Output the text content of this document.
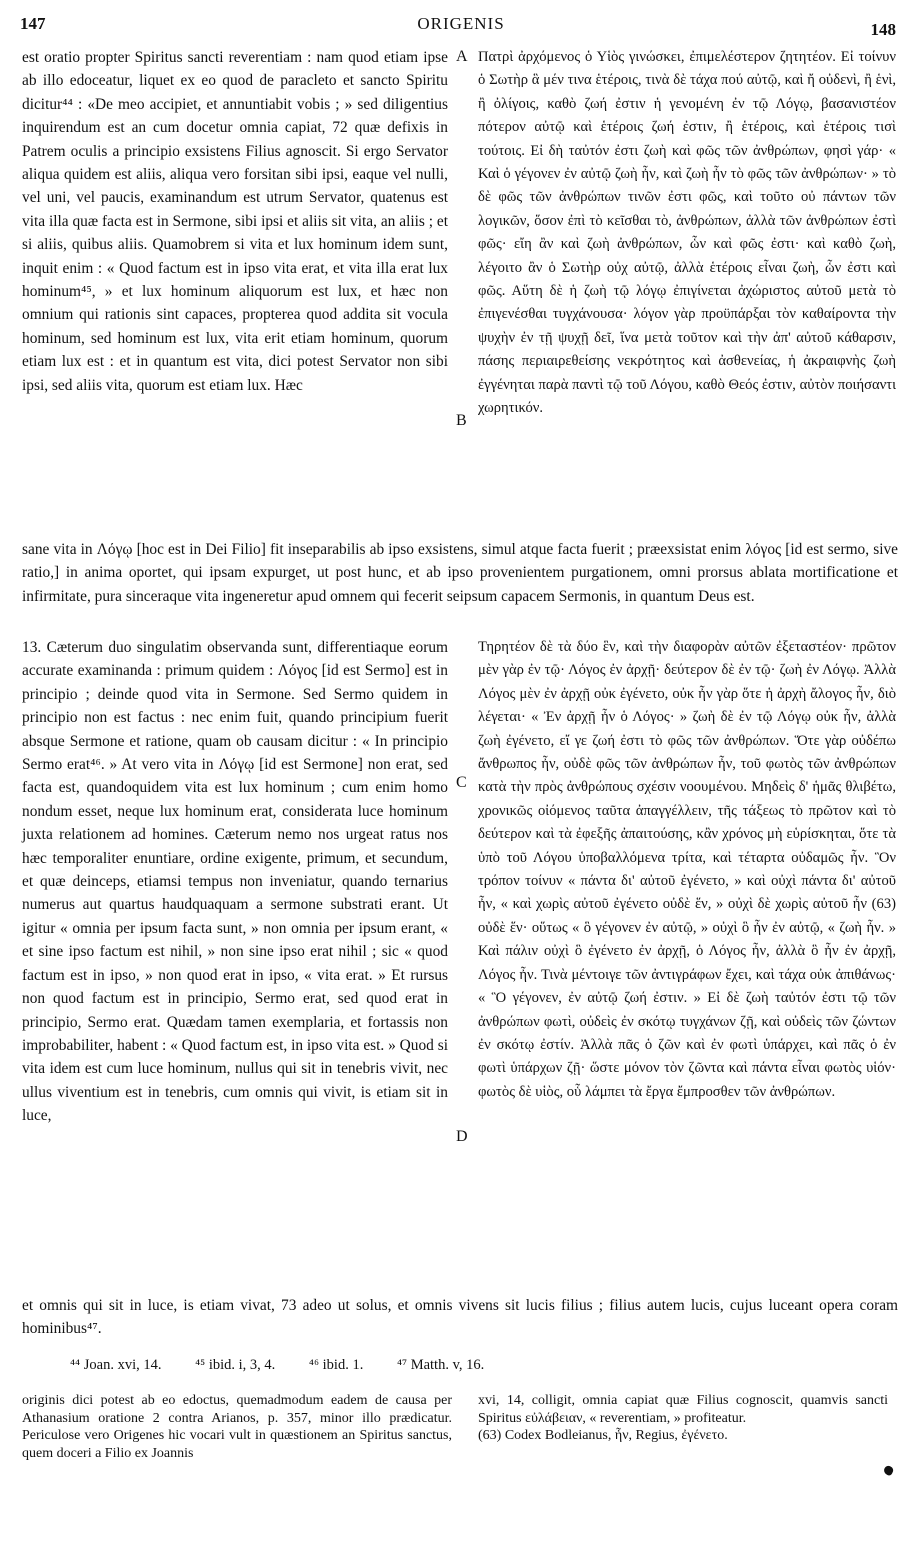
147	ORIGENIS	148

est oratio propter Spiritus sancti reverentiam : nam quod etiam ipse ab illo edoceatur, liquet ex eo quod de paracleto et sancto Spiritu dicitur⁴⁴ : «De meo accipiet, et annuntiabit vobis ; » sed diligentius inquirendum est an cum docetur omnia capiat, 72 quæ defixis in Patrem oculis a principio exsistens Filius agnoscit. Si ergo Servator aliqua quidem est aliis, aliqua vero forsitan sibi ipsi, eaque vel nulli, vel uni, vel paucis, examinandum est utrum Servator, quatenus est vita illa quæ facta est in Sermone, sibi ipsi et aliis sit vita, an aliis ; et si aliis, quibus aliis. Quamobrem si vita et lux hominum idem sunt, inquit enim : « Quod factum est in ipso vita erat, et vita illa erat lux hominum⁴⁵, » et lux hominum aliquorum est lux, et hæc non omnium qui rationis sint capaces, propterea quod addita sit vocula hominum, sed hominum est lux, vita erit etiam hominum, quorum etiam lux est : et in quantum est vita, dici potest Servator non sibi ipsi, sed aliis vita, quorum est etiam lux. Hæc

A Πατρὶ ἀρχόμενος ὁ Υἱὸς γινώσκει, ἐπιμελέστερον ζητητέον. Εἰ τοίνυν ὁ Σωτὴρ ἃ μέν τινα ἑτέροις, τινὰ δὲ τάχα πού αὐτῷ, καὶ ἤ οὐδενὶ, ἢ ἑνὶ, ἢ ὀλίγοις, καθὸ ζωή ἐστιν ἡ γενομένη ἐν τῷ Λόγῳ, βασανιστέον πότερον αὐτῷ καὶ ἑτέροις ζωή ἐστιν, ἢ ἑτέροις, καὶ ἑτέροις τισὶ τούτοις. Εἰ δὴ ταὐτόν ἐστι ζωὴ καὶ φῶς τῶν ἀνθρώπων, φησὶ γάρ· « Καὶ ὁ γέγονεν ἐν αὐτῷ ζωὴ ἦν, καὶ ζωὴ ἦν τὸ φῶς τῶν ἀνθρώπων· » τὸ δὲ φῶς τῶν ἀνθρώπων τινῶν ἐστι φῶς, καὶ τοῦτο οὐ πάντων τῶν λογικῶν, ὅσον ἐπὶ τὸ κεῖσθαι τὸ, ἀνθρώπων, ἀλλὰ τῶν ἀνθρώπων ἐστὶ φῶς· εἴη ἂν καὶ ζωὴ ἀνθρώπων, ὧν καὶ φῶς ἐστι· καὶ καθὸ ζωὴ, λέγοιτο ἂν ὁ Σωτὴρ οὐχ αὐτῷ, ἀλλὰ ἑτέροις εἶναι ζωὴ, ὧν ἐστι καὶ φῶς. Αὕτη δὲ ἡ ζωὴ τῷ λόγῳ ἐπιγίνεται ἀχώριστος αὐτοῦ μετὰ τὸ ἐπιγενέσθαι τυγχάνουσα· λόγον γὰρ προϋπάρξαι τὸν καθαίροντα τὴν ψυχὴν ἐν τῇ ψυχῇ δεῖ, ἵνα μετὰ τοῦτον καὶ τὴν ἀπ' αὐτοῦ κάθαρσιν, πάσης περιαιρεθείσης νεκρότητος καὶ ἀσθενείας, ἡ ἀκραιφνὴς ζωὴ ἐγγένηται παρὰ παντὶ τῷ τοῦ Λόγου, καθὸ Θεός ἐστιν, αὐτὸν ποιήσαντι χωρητικόν.

B

sane vita in Λόγῳ [hoc est in Dei Filio] fit inseparabilis ab ipso exsistens, simul atque facta fuerit ; præexsistat enim λόγος [id est sermo, sive ratio,] in anima oportet, qui ipsam expurget, ut post hunc, et ab ipso provenientem purgationem, omni prorsus ablata mortificatione et infirmitate, pura sinceraque vita ingeneretur apud omnem qui fecerit seipsum capacem Sermonis, in quantum Deus est.

13. Cæterum duo singulatim observanda sunt, differentiaque eorum accurate examinanda : primum quidem : Λόγος [id est Sermo] est in principio ; deinde quod vita in Sermone. Sed Sermo quidem in principio non est factus : nec enim fuit, quando principium fuerit absque Sermone et ratione, quam ob causam dicitur : « In principio Sermo erat⁴⁶. » At vero vita in Λόγῳ [id est Sermone] non erat, sed facta est, quandoquidem vita est lux hominum ; cum enim homo nondum esset, neque lux hominum erat, considerata luce hominum juxta relationem ad homines. Cæterum nemo nos urgeat ratus nos hæc temporaliter enuntiare, ordine exigente, primum, et secundum, et quæ deinceps, etiamsi tempus non inveniatur, quando ternarius numerus aut quartus haudquaquam a sermone substrati erant. Ut igitur « omnia per ipsum facta sunt, » non omnia per ipsum erant, « et sine ipso factum est nihil, » non sine ipso erat nihil ; sic « quod factum est in ipso, » non quod erat in ipso, « vita erat. » Et rursus non quod factum est in principio, Sermo erat, sed quod erat in principio, Sermo erat. Quædam tamen exemplaria, et fortassis non improbabiliter, habent : « Quod factum est, in ipso vita est. » Quod si vita idem est cum luce hominum, nullus qui sit in tenebris vivit, nec ullus viventium est in tenebris, cum omnis qui vivit, is etiam sit in luce,

C
D

Τηρητέον δὲ τὰ δύο ἓν, καὶ τὴν διαφορὰν αὐτῶν ἐξεταστέον· πρῶτον μὲν γὰρ ἐν τῷ· Λόγος ἐν ἀρχῇ· δεύτερον δὲ ἐν τῷ· ζωὴ ἐν Λόγῳ. Ἀλλὰ Λόγος μὲν ἐν ἀρχῇ οὐκ ἐγένετο, οὐκ ἦν γὰρ ὅτε ἡ ἀρχὴ ἄλογος ἦν, διὸ λέγεται· « Ἐν ἀρχῇ ἦν ὁ Λόγος· » ζωὴ δὲ ἐν τῷ Λόγῳ οὐκ ἦν, ἀλλὰ ζωὴ ἐγένετο, εἴ γε ζωή ἐστι τὸ φῶς τῶν ἀνθρώπων. Ὅτε γὰρ οὐδέπω ἄνθρωπος ἦν, οὐδὲ φῶς τῶν ἀνθρώπων ἦν, τοῦ φωτὸς τῶν ἀνθρώπων κατὰ τὴν πρὸς ἀνθρώπους σχέσιν νοουμένου. Μηδεὶς δ' ἡμᾶς θλιβέτω, χρονικῶς οἰόμενος ταῦτα ἀπαγγέλλειν, τῆς τάξεως τὸ πρῶτον καὶ τὸ δεύτερον καὶ τὰ ἐφεξῆς ἀπαιτούσης, κἂν χρόνος μὴ εὑρίσκηται, ὅτε τὰ ὑπὸ τοῦ Λόγου ὑποβαλλόμενα τρίτα, καὶ τέταρτα οὐδαμῶς ἦν. Ὃν τρόπον τοίνυν « πάντα δι' αὐτοῦ ἐγένετο, » καὶ οὐχὶ πάντα δι' αὐτοῦ ἦν, « καὶ χωρὶς αὐτοῦ ἐγένετο οὐδὲ ἕν, » οὐχὶ δὲ χωρὶς αὐτοῦ ἦν (63) οὐδὲ ἕν· οὕτως « ὃ γέγονεν ἐν αὐτῷ, » οὐχὶ ὃ ἦν ἐν αὐτῷ, « ζωὴ ἦν. » Καὶ πάλιν οὐχὶ ὃ ἐγένετο ἐν ἀρχῇ, ὁ Λόγος ἦν, ἀλλὰ ὃ ἦν ἐν ἀρχῇ, Λόγος ἦν. Τινὰ μέντοιγε τῶν ἀντιγράφων ἔχει, καὶ τάχα οὐκ ἀπιθάνως· « Ὃ γέγονεν, ἐν αὐτῷ ζωή ἐστιν. » Εἰ δὲ ζωὴ ταὐτόν ἐστι τῷ τῶν ἀνθρώπων φωτὶ, οὐδεὶς ἐν σκότῳ τυγχάνων ζῇ, καὶ οὐδεὶς τῶν ζώντων ἐν σκότῳ ἐστίν. Ἀλλὰ πᾶς ὁ ζῶν καὶ ἐν φωτὶ ὑπάρχει, καὶ πᾶς ὁ ἐν φωτὶ ὑπάρχων ζῇ· ὥστε μόνον τὸν ζῶντα καὶ πάντα εἶναι φωτὸς υἱόν· φωτὸς δὲ υἱὸς, οὗ λάμπει τὰ ἔργα ἔμπροσθεν τῶν ἀνθρώπων.

et omnis qui sit in luce, is etiam vivat, 73 adeo ut solus, et omnis vivens sit lucis filius ; filius autem lucis, cujus luceant opera coram hominibus⁴⁷.

⁴⁴ Joan. xvi, 14. ⁴⁵ ibid. i, 3, 4. ⁴⁶ ibid. 1. ⁴⁷ Matth. v, 16.

originis dici potest ab eo edoctus, quemadmodum eadem de causa per Athanasium oratione 2 contra Arianos, p. 357, minor illo prædicatur. Periculose vero Origenes hic vocari vult in quæstionem an Spiritus sanctus, quem doceri a Filio ex Joannis

xvi, 14, colligit, omnia capiat quæ Filius cognoscit, quamvis sancti Spiritus εὐλάβειαν, « reverentiam, » profiteatur.
(63) Codex Bodleianus, ἦν, Regius, ἐγένετο.
